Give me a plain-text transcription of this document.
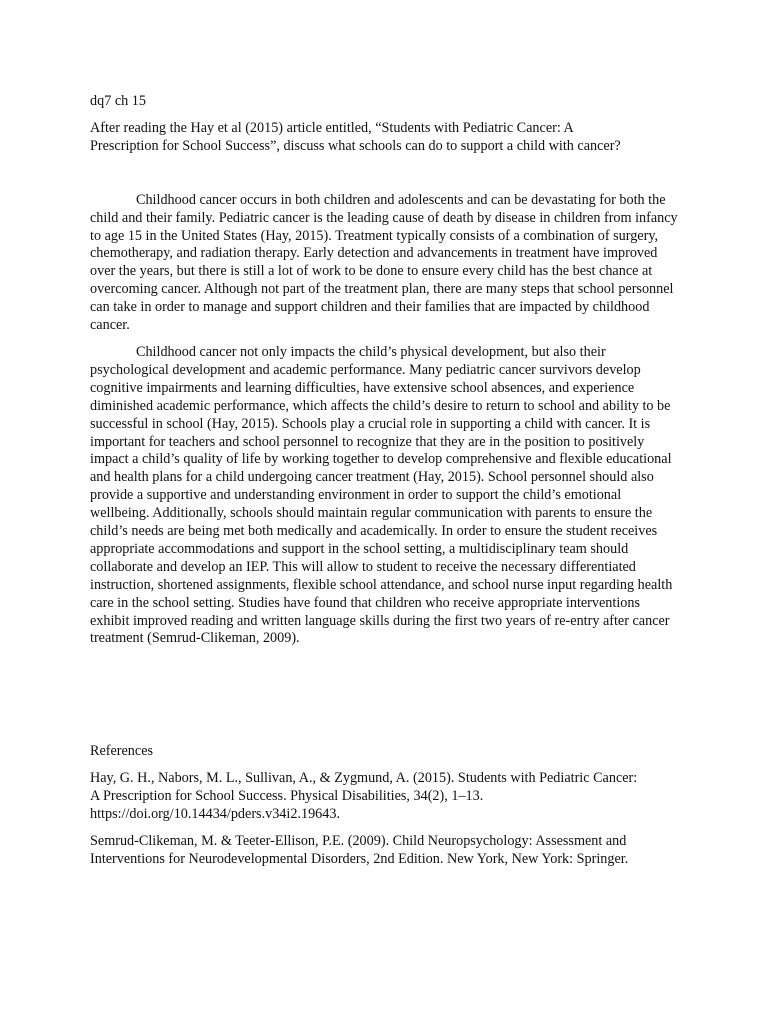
dq7 ch 15

After reading the Hay et al (2015) article entitled, “Students with Pediatric Cancer: A
Prescription for School Success”, discuss what schools can do to support a child with cancer?

Childhood cancer occurs in both children and adolescents and can be devastating for both the child and their family. Pediatric cancer is the leading cause of death by disease in children from infancy to age 15 in the United States (Hay, 2015). Treatment typically consists of a combination of surgery, chemotherapy, and radiation therapy. Early detection and advancements in treatment have improved over the years, but there is still a lot of work to be done to ensure every child has the best chance at overcoming cancer. Although not part of the treatment plan, there are many steps that school personnel can take in order to manage and support children and their families that are impacted by childhood cancer.

Childhood cancer not only impacts the child’s physical development, but also their psychological development and academic performance. Many pediatric cancer survivors develop cognitive impairments and learning difficulties, have extensive school absences, and experience diminished academic performance, which affects the child’s desire to return to school and ability to be successful in school (Hay, 2015). Schools play a crucial role in supporting a child with cancer. It is important for teachers and school personnel to recognize that they are in the position to positively impact a child’s quality of life by working together to develop comprehensive and flexible educational and health plans for a child undergoing cancer treatment (Hay, 2015). School personnel should also provide a supportive and understanding environment in order to support the child’s emotional wellbeing. Additionally, schools should maintain regular communication with parents to ensure the child’s needs are being met both medically and academically. In order to ensure the student receives appropriate accommodations and support in the school setting, a multidisciplinary team should collaborate and develop an IEP. This will allow to student to receive the necessary differentiated instruction, shortened assignments, flexible school attendance, and school nurse input regarding health care in the school setting. Studies have found that children who receive appropriate interventions exhibit improved reading and written language skills during the first two years of re-entry after cancer treatment (Semrud-Clikeman, 2009).

References

Hay, G. H., Nabors, M. L., Sullivan, A., & Zygmund, A. (2015). Students with Pediatric Cancer:
A Prescription for School Success. Physical Disabilities, 34(2), 1–13.
https://doi.org/10.14434/pders.v34i2.19643.

Semrud-Clikeman, M. & Teeter-Ellison, P.E. (2009). Child Neuropsychology: Assessment and
Interventions for Neurodevelopmental Disorders, 2nd Edition. New York, New York: Springer.
